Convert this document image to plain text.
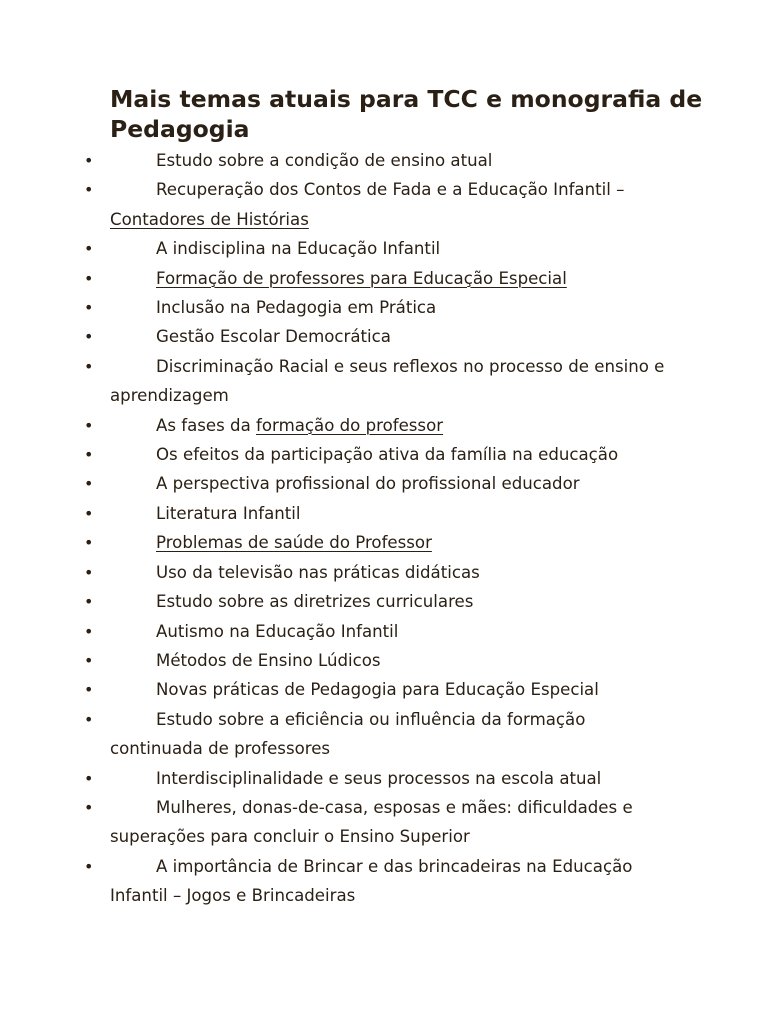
Mais temas atuais para TCC e monografia de Pedagogia
•	Estudo sobre a condição de ensino atual
•	Recuperação dos Contos de Fada e a Educação Infantil – Contadores de Histórias
•	A indisciplina na Educação Infantil
•	Formação de professores para Educação Especial
•	Inclusão na Pedagogia em Prática
•	Gestão Escolar Democrática
•	Discriminação Racial e seus reflexos no processo de ensino e aprendizagem
•	As fases da formação do professor
•	Os efeitos da participação ativa da família na educação
•	A perspectiva profissional do profissional educador
•	Literatura Infantil
•	Problemas de saúde do Professor
•	Uso da televisão nas práticas didáticas
•	Estudo sobre as diretrizes curriculares
•	Autismo na Educação Infantil
•	Métodos de Ensino Lúdicos
•	Novas práticas de Pedagogia para Educação Especial
•	Estudo sobre a eficiência ou influência da formação continuada de professores
•	Interdisciplinalidade e seus processos na escola atual
•	Mulheres, donas-de-casa, esposas e mães: dificuldades e superações para concluir o Ensino Superior
•	A importância de Brincar e das brincadeiras na Educação Infantil – Jogos e Brincadeiras
